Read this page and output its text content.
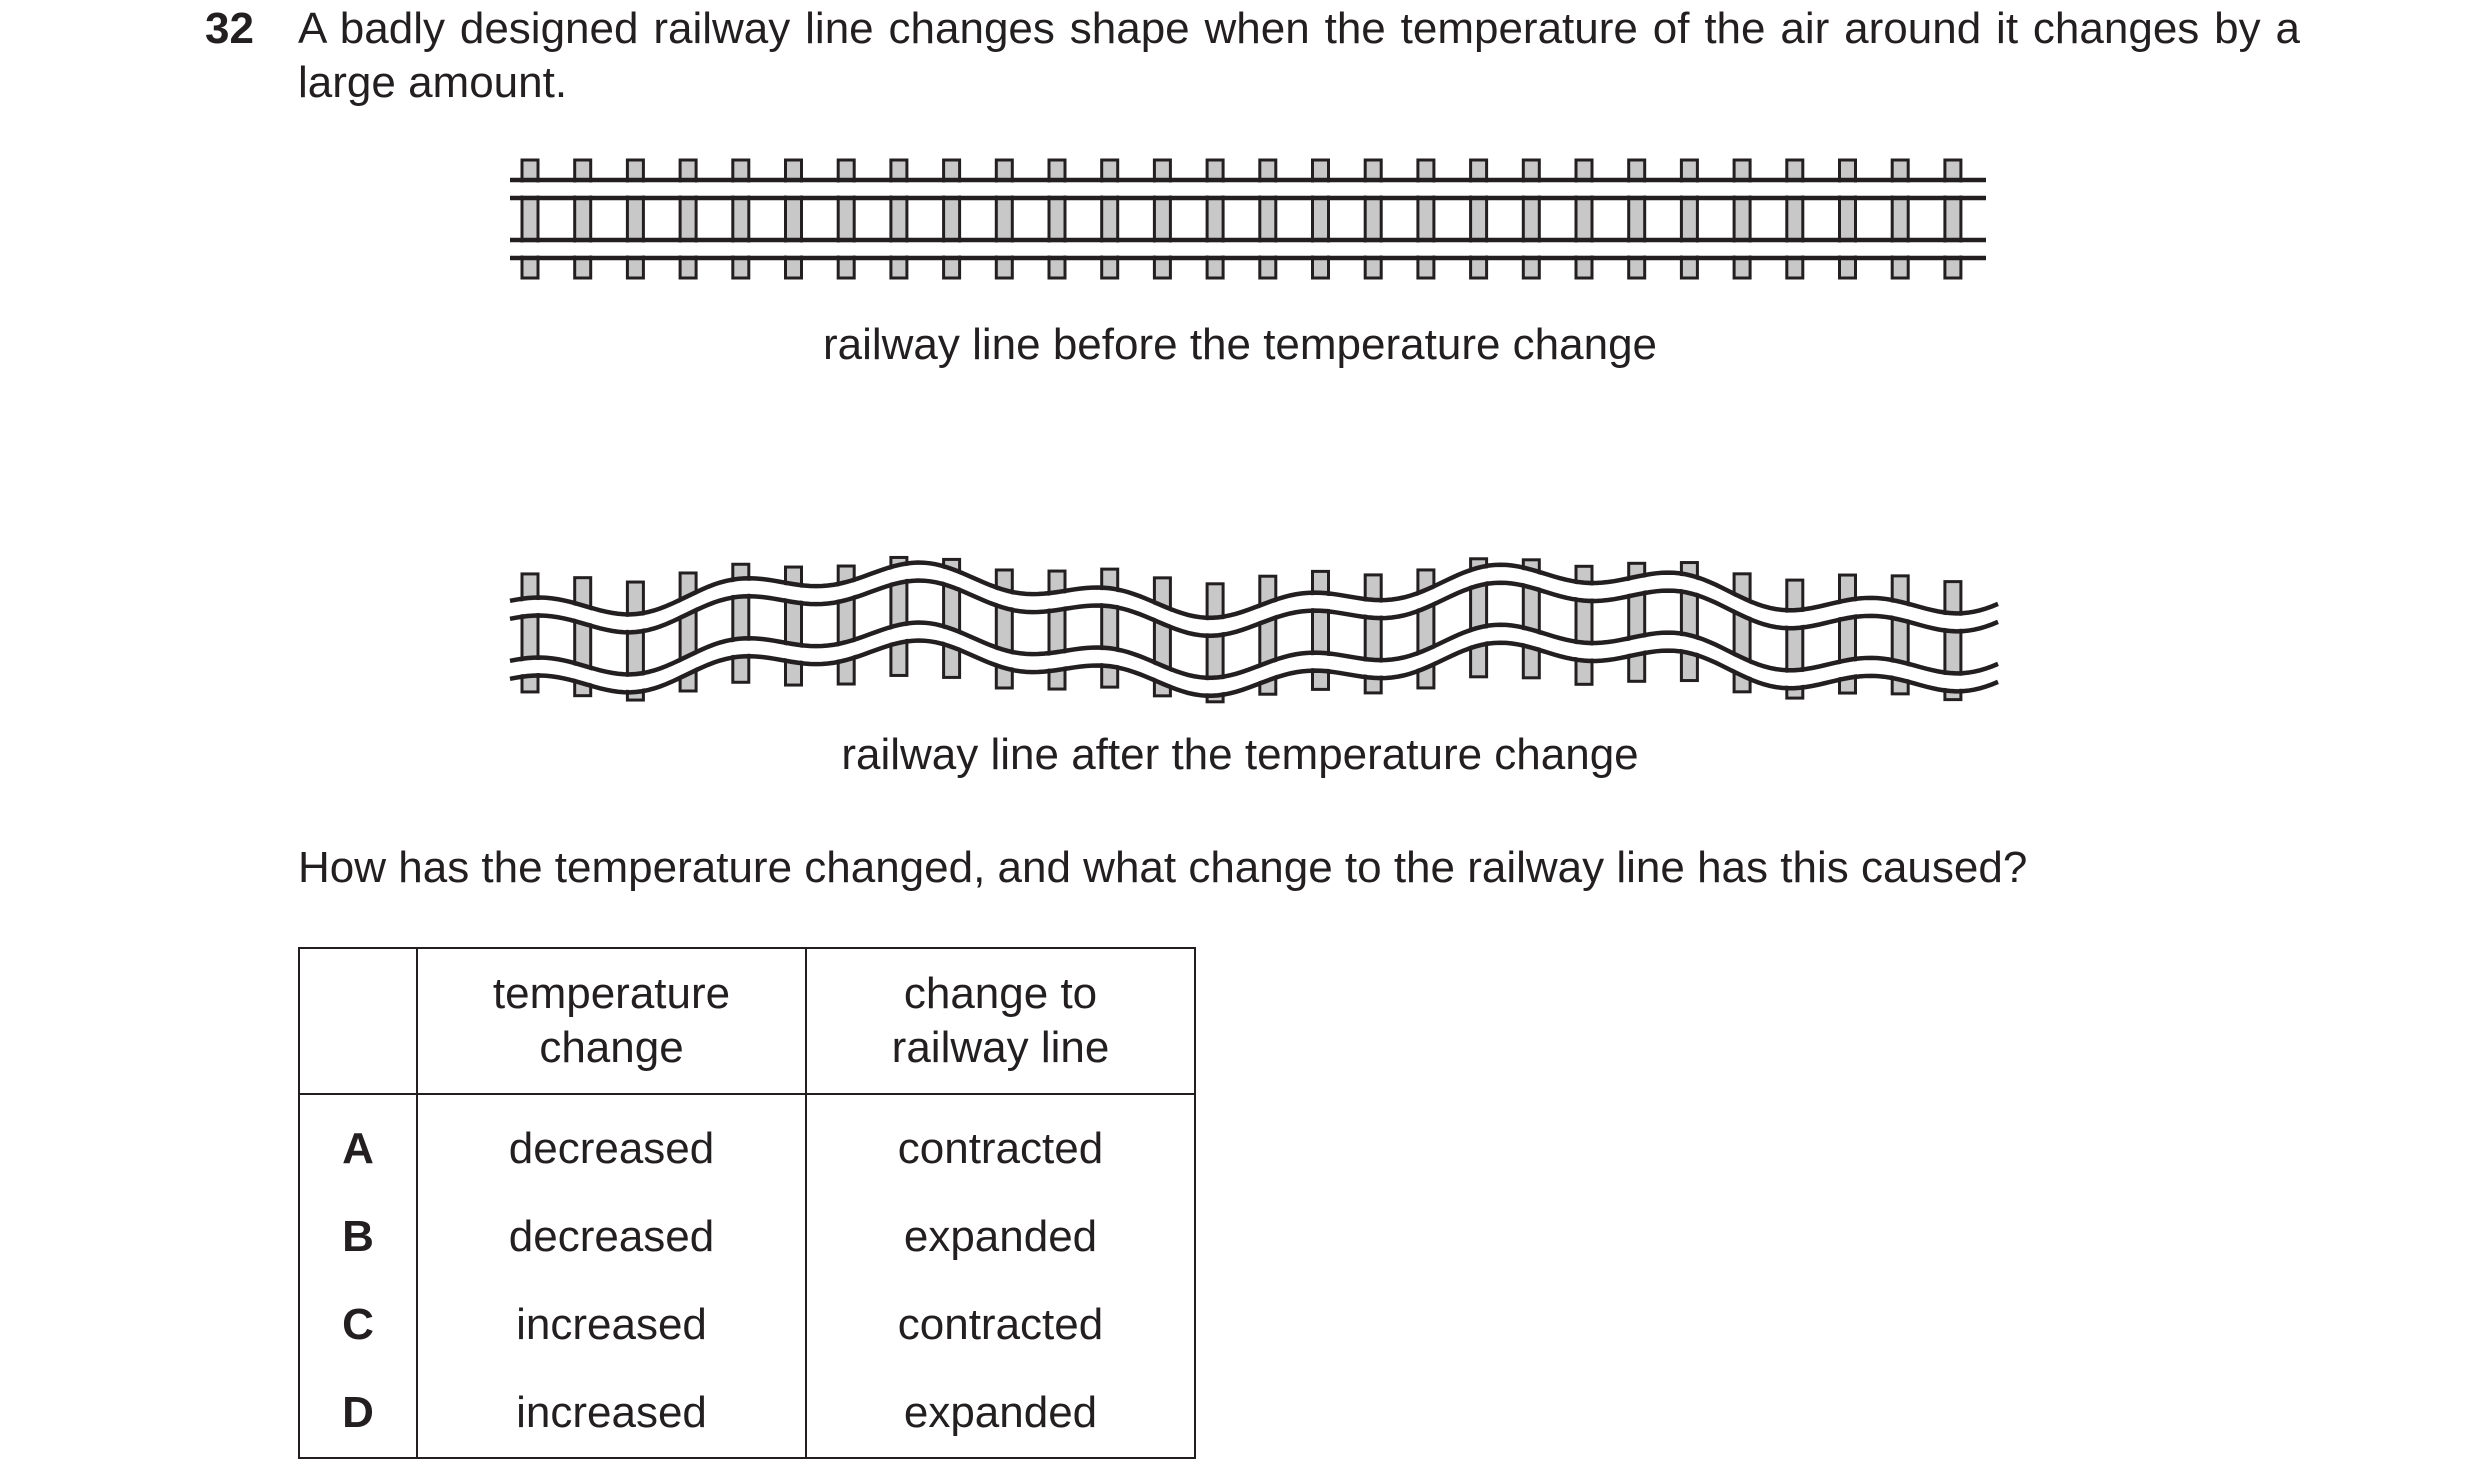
32 A badly designed railway line changes shape when the temperature of the air around it changes by a large amount.
railway line before the temperature change
railway line after the temperature change
How has the temperature changed, and what change to the railway line has this caused?

	temperature change	change to railway line

A	decreased	contracted
B	decreased	expanded
C	increased	contracted
D	increased	expanded
